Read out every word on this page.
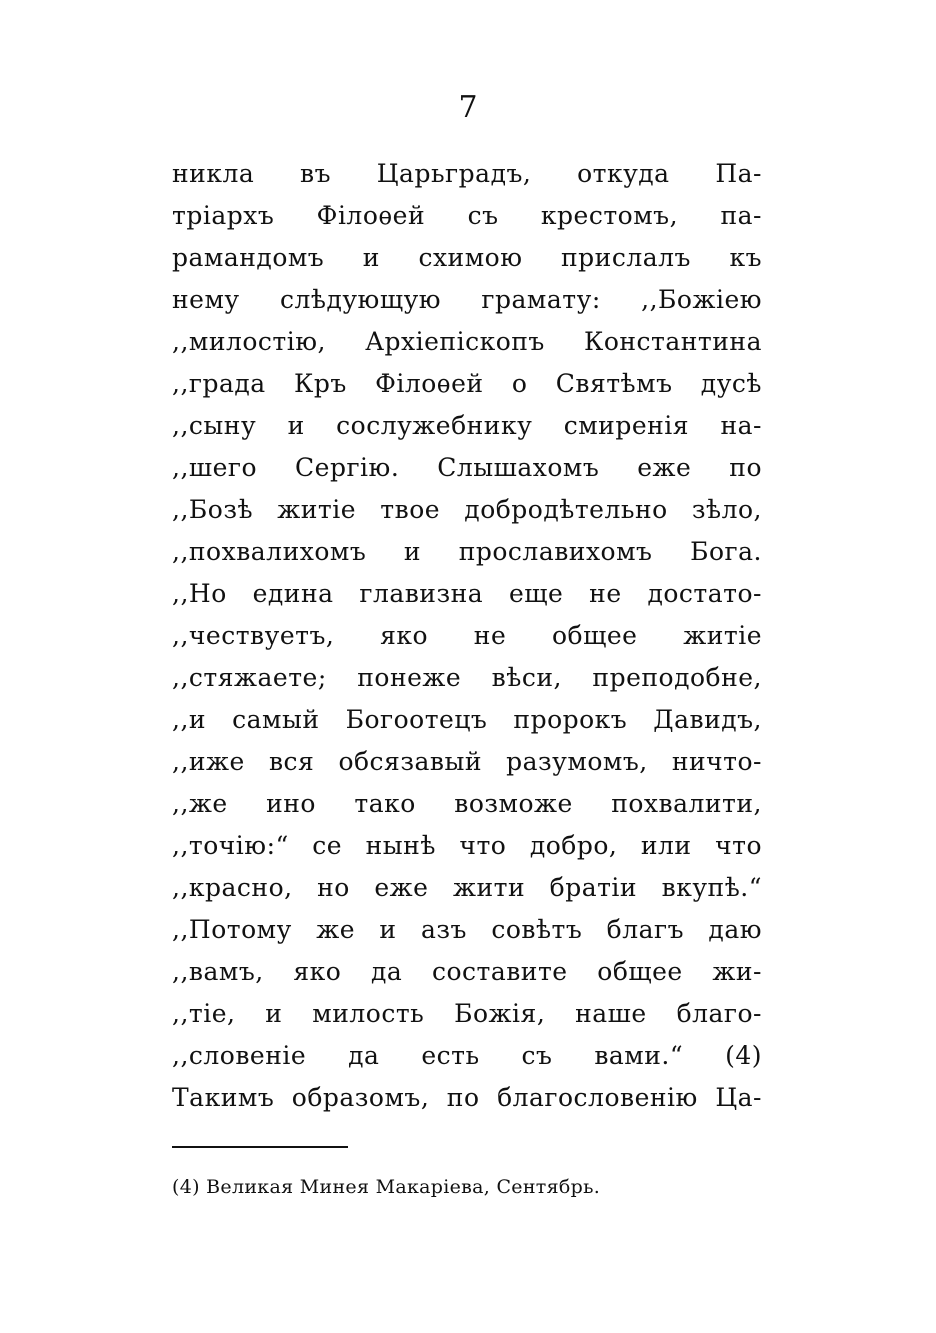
7
никла въ Царьградъ, откуда Па-
тріархъ Філоѳей съ крестомъ, па-
рамандомъ и схимою прислалъ къ
нему слѣдующую грамату: ,,Божіею
,,милостію, Архіепіскопъ Константина
,,града Кръ Філоѳей о Святѣмъ дусѣ
,,сыну и сослужебнику смиренія на-
,,шего Сергію. Слышахомъ еже по
,,Бозѣ житіе твое добродѣтельно зѣло,
,,похвалихомъ и прославихомъ Бога.
,,Но едина главизна еще не достато-
,,чествуетъ, яко не общее житіе
,,стяжаете; понеже вѣси, преподобне,
,,и самый Богоотецъ пророкъ Давидъ,
,,иже вся обсязавый разумомъ, ничто-
,,же ино тако возможе похвалити,
,,точію:“ се нынѣ что добро, или что
,,красно, но еже жити братіи вкупѣ.“
,,Потому же и азъ совѣтъ благъ даю
,,вамъ, яко да составите общее жи-
,,тіе, и милость Божія, наше благо-
,,словеніе да есть съ вами.“ (4)
Такимъ образомъ, по благословенію Ца-
(4) Великая Минея Макаріева, Сентябрь.
